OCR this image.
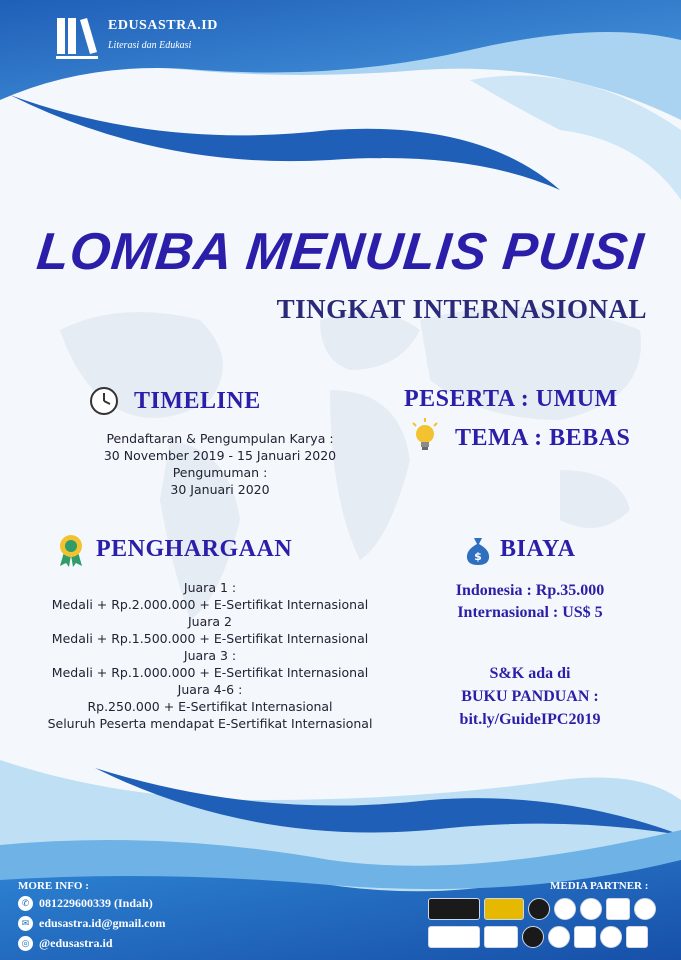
EDUSASTRA.ID
Literasi dan Edukasi
LOMBA MENULIS PUISI
TINGKAT INTERNASIONAL
TIMELINE
Pendaftaran & Pengumpulan Karya :
30 November 2019 - 15 Januari 2020
Pengumuman :
30 Januari 2020
PESERTA : UMUM
TEMA : BEBAS
PENGHARGAAN
Juara 1 :
Medali + Rp.2.000.000 + E-Sertifikat Internasional
Juara 2
Medali + Rp.1.500.000 + E-Sertifikat Internasional
Juara 3 :
Medali + Rp.1.000.000 + E-Sertifikat Internasional
Juara 4-6 :
Rp.250.000 + E-Sertifikat Internasional
Seluruh Peserta mendapat E-Sertifikat Internasional
$ BIAYA
Indonesia : Rp.35.000
Internasional : US$ 5
S&K ada di
BUKU PANDUAN :
bit.ly/GuideIPC2019
MORE INFO :
✆ 081229600339 (Indah)
✉ edusastra.id@gmail.com
◎ @edusastra.id
MEDIA PARTNER :
